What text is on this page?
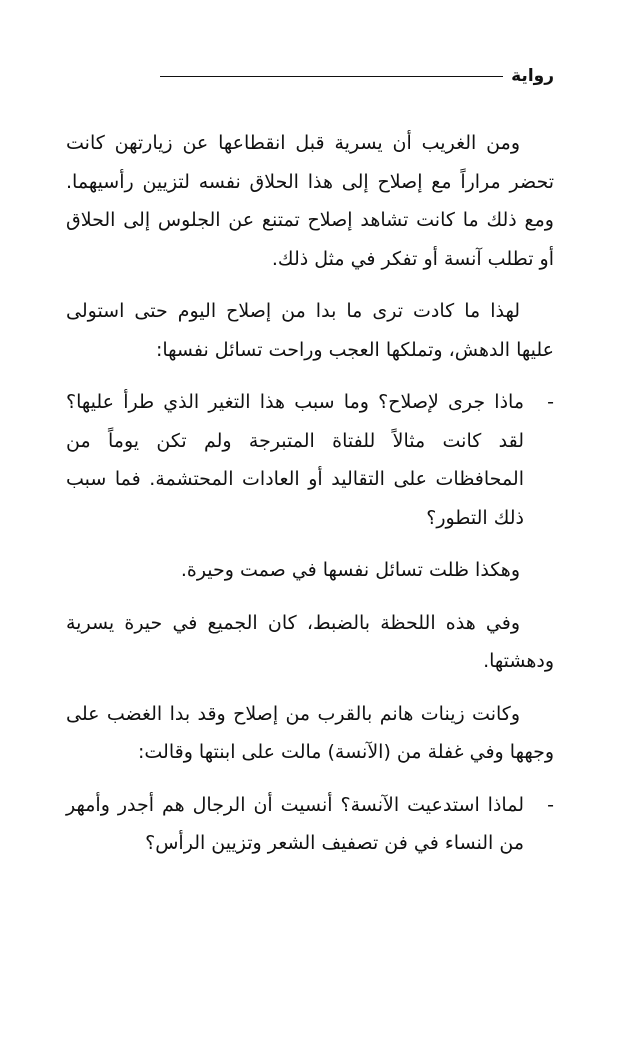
رواية

ومن الغريب أن يسرية قبل انقطاعها عن زيارتهن كانت تحضر مراراً مع إصلاح إلى هذا الحلاق نفسه لتزيين رأسيهما. ومع ذلك ما كانت تشاهد إصلاح تمتنع عن الجلوس إلى الحلاق أو تطلب آنسة أو تفكر في مثل ذلك.

لهذا ما كادت ترى ما بدا من إصلاح اليوم حتى استولى عليها الدهش، وتملكها العجب وراحت تسائل نفسها:

-
ماذا جرى لإصلاح؟ وما سبب هذا التغير الذي طرأ عليها؟ لقد كانت مثالاً للفتاة المتبرجة ولم تكن يوماً من المحافظات على التقاليد أو العادات المحتشمة. فما سبب ذلك التطور؟

وهكذا ظلت تسائل نفسها في صمت وحيرة.

وفي هذه اللحظة بالضبط، كان الجميع في حيرة يسرية ودهشتها.

وكانت زينات هانم بالقرب من إصلاح وقد بدا الغضب على وجهها وفي غفلة من (الآنسة) مالت على ابنتها وقالت:

-
لماذا استدعيت الآنسة؟ أنسيت أن الرجال هم أجدر وأمهر من النساء في فن تصفيف الشعر وتزيين الرأس؟
